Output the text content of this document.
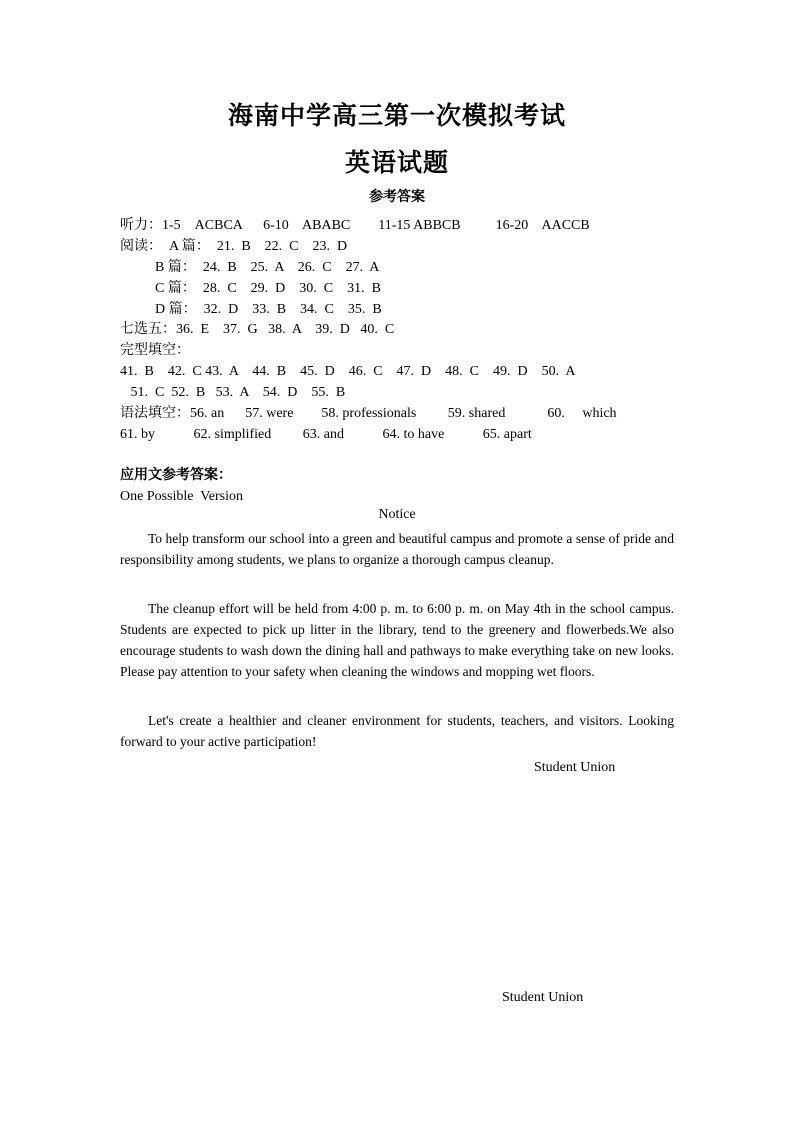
海南中学高三第一次模拟考试
英语试题
参考答案
听力：1-5    ACBCA      6-10    ABABC        11-15 ABBCB          16-20    AACCB
阅读：  A 篇：  21.  B    22.  C    23.  D
B 篇：  24.  B    25.  A    26.  C    27.  A
C 篇：  28.  C    29.  D    30.  C    31.  B
D 篇：  32.  D    33.  B    34.  C    35.  B
七选五：36.  E    37.  G   38.  A    39.  D   40.  C
完型填空：
41.  B    42.  C 43.  A    44.  B    45.  D    46.  C    47.  D    48.  C    49.  D    50.  A
51.  C  52.  B   53.  A    54.  D    55.  B
语法填空：56. an      57. were        58. professionals         59. shared            60.     which
61. by           62. simplified         63. and           64. to have           65. apart
应用文参考答案：
One Possible  Version
Notice
To help transform our school into a green and beautiful campus and promote a sense of pride and responsibility among students, we plans to organize a thorough campus cleanup.
The cleanup effort will be held from 4:00 p. m. to 6:00 p. m. on May 4th in the school campus. Students are expected to pick up litter in the library, tend to the greenery and flowerbeds.We also encourage students to wash down the dining hall and pathways to make everything take on new looks. Please pay attention to your safety when cleaning the windows and mopping wet floors.
Let's create a healthier and cleaner environment for students, teachers, and visitors. Looking forward to your active participation!
Student Union
Student Union
